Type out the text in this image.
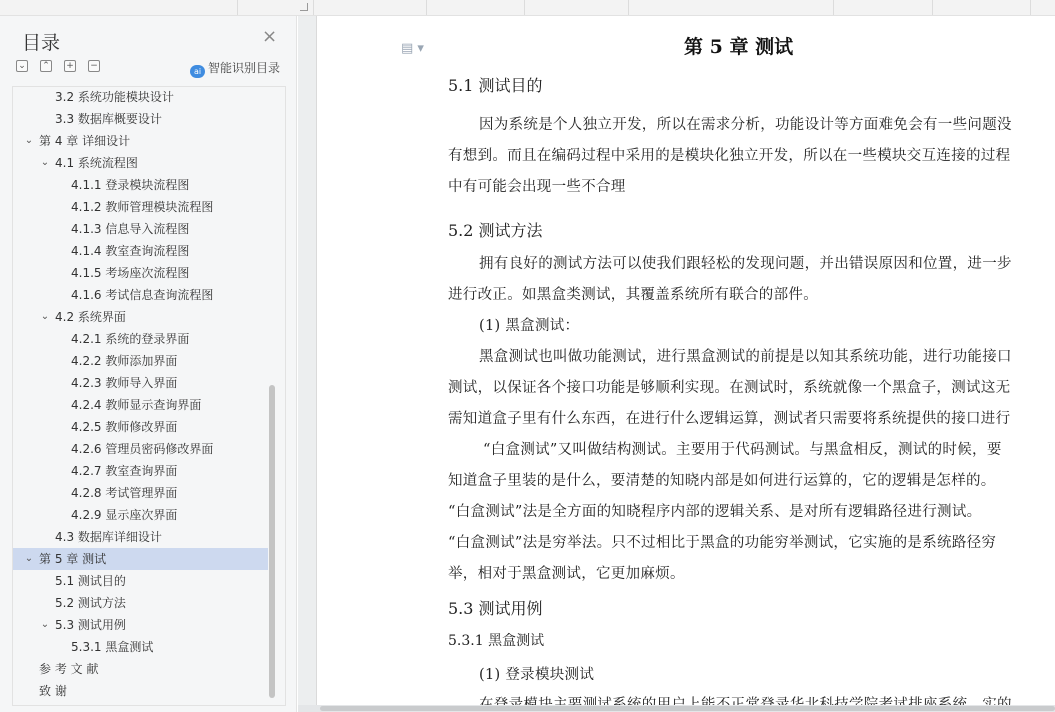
目录	×
⌄ ⌃ + −
ai 智能识别目录
3.2 系统功能模块设计
3.3 数据库概要设计
⌄ 第 4 章 详细设计
⌄ 4.1 系统流程图
4.1.1 登录模块流程图
4.1.2 教师管理模块流程图
4.1.3 信息导入流程图
4.1.4 教室查询流程图
4.1.5 考场座次流程图
4.1.6 考试信息查询流程图
⌄ 4.2 系统界面
4.2.1 系统的登录界面
4.2.2 教师添加界面
4.2.3 教师导入界面
4.2.4 教师显示查询界面
4.2.5 教师修改界面
4.2.6 管理员密码修改界面
4.2.7 教室查询界面
4.2.8 考试管理界面
4.2.9 显示座次界面
4.3 数据库详细设计
⌄ 第 5 章 测试
5.1 测试目的
5.2 测试方法
⌄ 5.3 测试用例
5.3.1 黑盒测试
参 考 文 献
致 谢
▤ ▾	第 5 章 测试
5.1 测试目的
因为系统是个人独立开发，所以在需求分析，功能设计等方面难免会有一些问题没
有想到。而且在编码过程中采用的是模块化独立开发，所以在一些模块交互连接的过程
中有可能会出现一些不合理
5.2 测试方法
拥有良好的测试方法可以使我们跟轻松的发现问题，并出错误原因和位置，进一步
进行改正。如黑盒类测试，其覆盖系统所有联合的部件。
(1) 黑盒测试：
黑盒测试也叫做功能测试，进行黑盒测试的前提是以知其系统功能，进行功能接口
测试，以保证各个接口功能是够顺利实现。在测试时，系统就像一个黑盒子，测试这无
需知道盒子里有什么东西，在进行什么逻辑运算，测试者只需要将系统提供的接口进行
“白盒测试”又叫做结构测试。主要用于代码测试。与黑盒相反，测试的时候，要
知道盒子里装的是什么，要清楚的知晓内部是如何进行运算的，它的逻辑是怎样的。
“白盒测试”法是全方面的知晓程序内部的逻辑关系、是对所有逻辑路径进行测试。
“白盒测试”法是穷举法。只不过相比于黑盒的功能穷举测试，它实施的是系统路径穷
举，相对于黑盒测试，它更加麻烦。
5.3 测试用例
5.3.1 黑盒测试
(1) 登录模块测试
